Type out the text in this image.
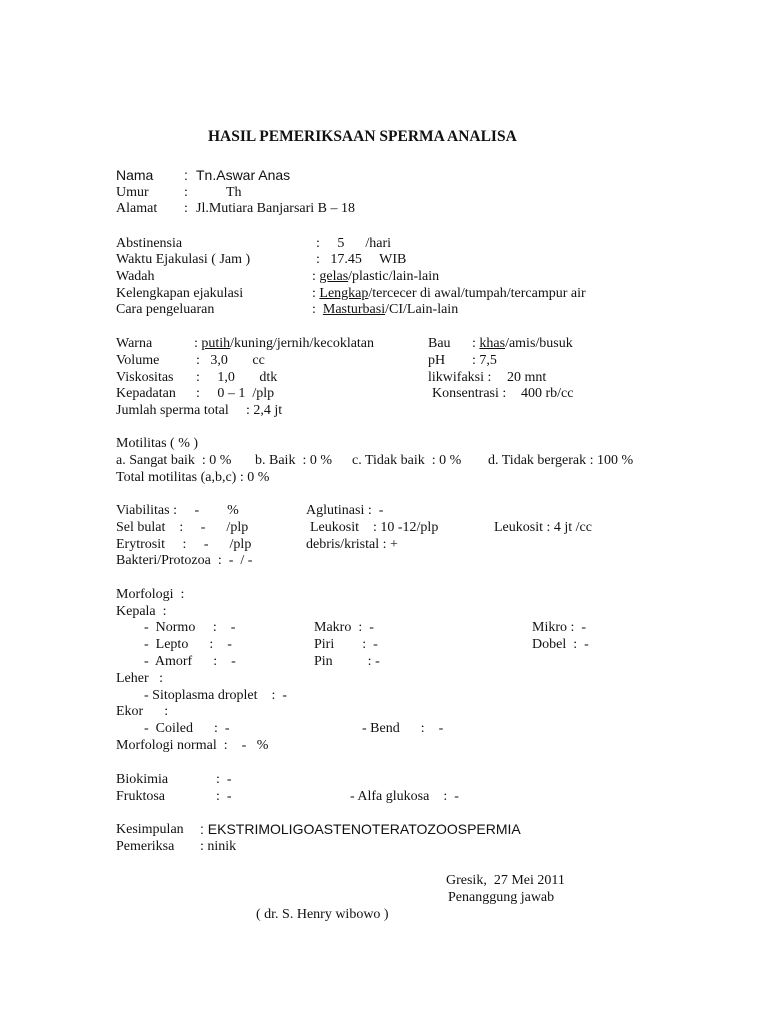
HASIL PEMERIKSAAN SPERMA ANALISA
Nama : Tn.Aswar Anas
Umur	:	Th
Alamat : Jl.Mutiara Banjarsari B – 18
Abstinensia	:     5      /hari
Waktu Ejakulasi ( Jam )	:   17.45     WIB
Wadah	: gelas/plastic/lain-lain
Kelengkapan ejakulasi	: Lengkap/tercecer di awal/tumpah/tercampur air
Cara pengeluaran	:  Masturbasi/CI/Lain-lain
Warna	: putih/kuning/jernih/kecoklatan	Bau : khas/amis/busuk
Volume	:   3,0       cc	pH : 7,5
Viskositas :     1,0       dtk	likwifaksi : 20 mnt
Kepadatan :     0 – 1  /plp	Konsentrasi : 400 rb/cc
Jumlah sperma total : 2,4 jt
Motilitas ( % )
a. Sangat baik  : 0 % b. Baik  : 0 % c. Tidak baik  : 0 % d. Tidak bergerak : 100 %
Total motilitas (a,b,c) : 0 %
Viabilitas :     -        %	Aglutinasi :  -
Sel bulat    :     -      /plp	Leukosit    : 10 -12/plp	Leukosit : 4 jt /cc
Erytrosit     :     -      /plp	debris/kristal : +
Bakteri/Protozoa  :  -  / -
Morfologi  :
Kepala  :
-  Normo     :    -	Makro  :  -	Mikro :  -
-  Lepto      :    -	Piri        :  -	Dobel  :  -
-  Amorf      :    -	Pin          : -
Leher   :
- Sitoplasma droplet    :  -
Ekor      :
-  Coiled      :  -	- Bend      :    -
Morfologi normal  :    -   %
Biokimia	:  -
Fruktosa	:  -	- Alfa glukosa    :  -
Kesimpulan : EKSTRIMOLIGOASTENOTERATOZOOSPERMIA
Pemeriksa : ninik
Gresik,  27 Mei 2011
Penanggung jawab
( dr. S. Henry wibowo )
